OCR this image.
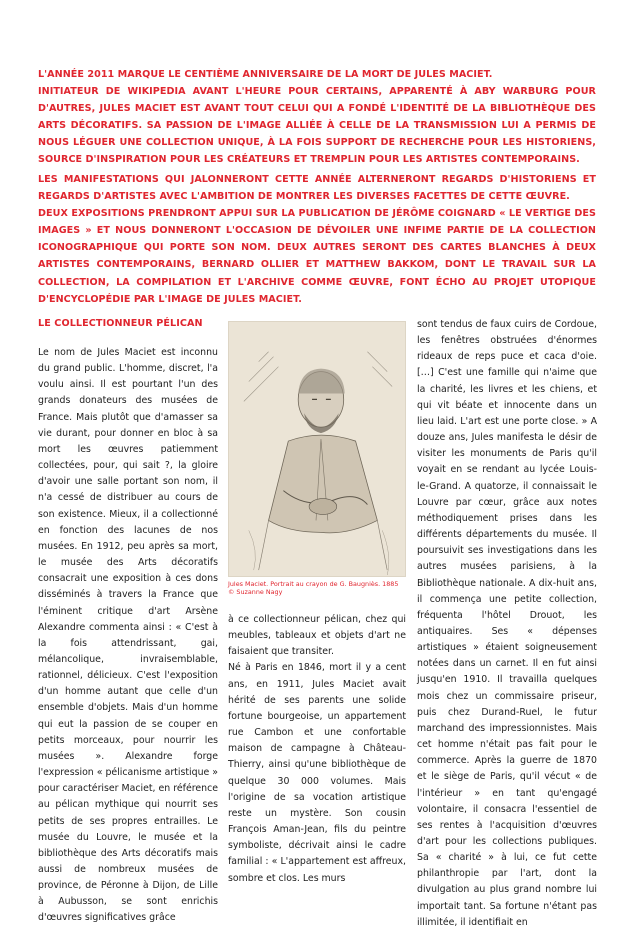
L'ANNÉE 2011 MARQUE LE CENTIÈME ANNIVERSAIRE DE LA MORT DE JULES MACIET.

INITIATEUR DE WIKIPEDIA AVANT L'HEURE POUR CERTAINS, APPARENTÉ À ABY WARBURG POUR D'AUTRES, JULES MACIET EST AVANT TOUT CELUI QUI A FONDÉ L'IDENTITÉ DE LA BIBLIOTHÈQUE DES ARTS DÉCORATIFS. SA PASSION DE L'IMAGE ALLIÉE À CELLE DE LA TRANSMISSION LUI A PERMIS DE NOUS LÉGUER UNE COLLECTION UNIQUE, À LA FOIS SUPPORT DE RECHERCHE POUR LES HISTORIENS, SOURCE D'INSPIRATION POUR LES CRÉATEURS ET TREMPLIN POUR LES ARTISTES CONTEMPORAINS.

LES MANIFESTATIONS QUI JALONNERONT CETTE ANNÉE ALTERNERONT REGARDS D'HISTORIENS ET REGARDS D'ARTISTES AVEC L'AMBITION DE MONTRER LES DIVERSES FACETTES DE CETTE ŒUVRE.

DEUX EXPOSITIONS PRENDRONT APPUI SUR LA PUBLICATION DE JÉRÔME COIGNARD « LE VERTIGE DES IMAGES » ET NOUS DONNERONT L'OCCASION DE DÉVOILER UNE INFIME PARTIE DE LA COLLECTION ICONOGRAPHIQUE QUI PORTE SON NOM. DEUX AUTRES SERONT DES CARTES BLANCHES À DEUX ARTISTES CONTEMPORAINS, BERNARD OLLIER ET MATTHEW BAKKOM, DONT LE TRAVAIL SUR LA COLLECTION, LA COMPILATION ET L'ARCHIVE COMME ŒUVRE, FONT ÉCHO AU PROJET UTOPIQUE D'ENCYCLOPÉDIE PAR L'IMAGE DE JULES MACIET.

LE COLLECTIONNEUR PÉLICAN

Le nom de Jules Maciet est inconnu du grand public. L'homme, discret, l'a voulu ainsi. Il est pourtant l'un des grands donateurs des musées de France. Mais plutôt que d'amasser sa vie durant, pour donner en bloc à sa mort les œuvres patiemment collectées, pour, qui sait ?, la gloire d'avoir une salle portant son nom, il n'a cessé de distribuer au cours de son existence. Mieux, il a collectionné en fonction des lacunes de nos musées. En 1912, peu après sa mort, le musée des Arts décoratifs consacrait une exposition à ces dons disséminés à travers la France que l'éminent critique d'art Arsène Alexandre commenta ainsi : « C'est à la fois attendrissant, gai, mélancolique, invraisemblable, rationnel, délicieux. C'est l'exposition d'un homme autant que celle d'un ensemble d'objets. Mais d'un homme qui eut la passion de se couper en petits morceaux, pour nourrir les musées ». Alexandre forge l'expression « pélicanisme artistique » pour caractériser Maciet, en référence au pélican mythique qui nourrit ses petits de ses propres entrailles. Le musée du Louvre, le musée et la bibliothèque des Arts décoratifs mais aussi de nombreux musées de province, de Péronne à Dijon, de Lille à Aubusson, se sont enrichis d'œuvres significatives grâce

Jules Maciet. Portrait au crayon de G. Baugniès. 1885
© Suzanne Nagy

à ce collectionneur pélican, chez qui meubles, tableaux et objets d'art ne faisaient que transiter.

Né à Paris en 1846, mort il y a cent ans, en 1911, Jules Maciet avait hérité de ses parents une solide fortune bourgeoise, un appartement rue Cambon et une confortable maison de campagne à Château-Thierry, ainsi qu'une bibliothèque de quelque 30 000 volumes. Mais l'origine de sa vocation artistique reste un mystère. Son cousin François Aman-Jean, fils du peintre symboliste, décrivait ainsi le cadre familial : « L'appartement est affreux, sombre et clos. Les murs

sont tendus de faux cuirs de Cordoue, les fenêtres obstruées d'énormes rideaux de reps puce et caca d'oie. […] C'est une famille qui n'aime que la charité, les livres et les chiens, et qui vit béate et innocente dans un lieu laid. L'art est une porte close. » A douze ans, Jules manifesta le désir de visiter les monuments de Paris qu'il voyait en se rendant au lycée Louis-le-Grand. A quatorze, il connaissait le Louvre par cœur, grâce aux notes méthodiquement prises dans les différents départements du musée. Il poursuivit ses investigations dans les autres musées parisiens, à la Bibliothèque nationale. A dix-huit ans, il commença une petite collection, fréquenta l'hôtel Drouot, les antiquaires. Ses « dépenses artistiques » étaient soigneusement notées dans un carnet. Il en fut ainsi jusqu'en 1910. Il travailla quelques mois chez un commissaire priseur, puis chez Durand-Ruel, le futur marchand des impressionnistes. Mais cet homme n'était pas fait pour le commerce. Après la guerre de 1870 et le siège de Paris, qu'il vécut « de l'intérieur » en tant qu'engagé volontaire, il consacra l'essentiel de ses rentes à l'acquisition d'œuvres d'art pour les collections publiques. Sa « charité » à lui, ce fut cette philanthropie par l'art, dont la divulgation au plus grand nombre lui importait tant. Sa fortune n'étant pas illimitée, il identifiait en
